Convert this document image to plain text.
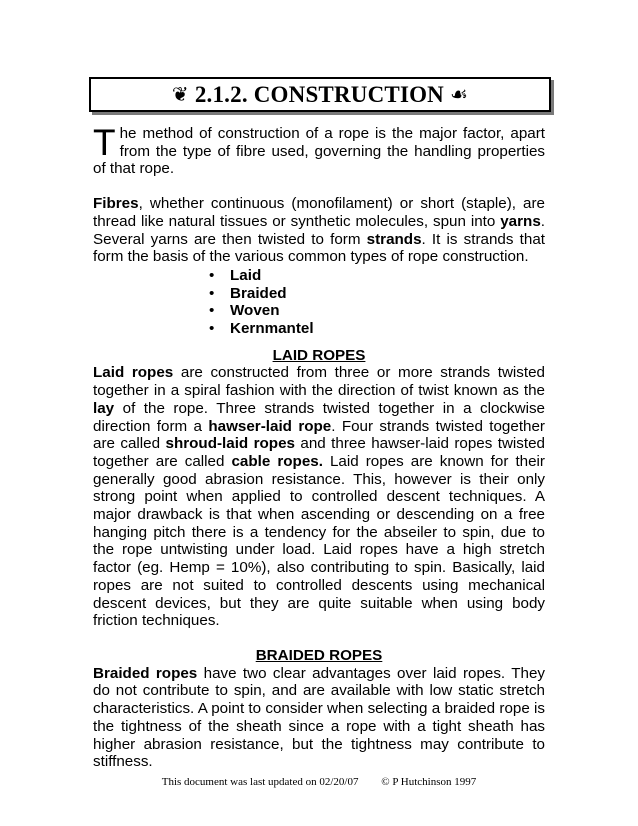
❦ 2.1.2. CONSTRUCTION ☙

The method of construction of a rope is the major factor, apart from the type of fibre used, governing the handling properties of that rope.

Fibres, whether continuous (monofilament) or short (staple), are thread like natural tissues or synthetic molecules, spun into yarns. Several yarns are then twisted to form strands. It is strands that form the basis of the various common types of rope construction.

• Laid
• Braided
• Woven
• Kernmantel

LAID ROPES

Laid ropes are constructed from three or more strands twisted together in a spiral fashion with the direction of twist known as the lay of the rope. Three strands twisted together in a clockwise direction form a hawser-laid rope. Four strands twisted together are called shroud-laid ropes and three hawser-laid ropes twisted together are called cable ropes. Laid ropes are known for their generally good abrasion resistance. This, however is their only strong point when applied to controlled descent techniques. A major drawback is that when ascending or descending on a free hanging pitch there is a tendency for the abseiler to spin, due to the rope untwisting under load. Laid ropes have a high stretch factor (eg. Hemp = 10%), also contributing to spin. Basically, laid ropes are not suited to controlled descents using mechanical descent devices, but they are quite suitable when using body friction techniques.

BRAIDED ROPES

Braided ropes have two clear advantages over laid ropes. They do not contribute to spin, and are available with low static stretch characteristics. A point to consider when selecting a braided rope is the tightness of the sheath since a rope with a tight sheath has higher abrasion resistance, but the tightness may contribute to stiffness.

This document was last updated on 02/20/07 © P Hutchinson 1997
